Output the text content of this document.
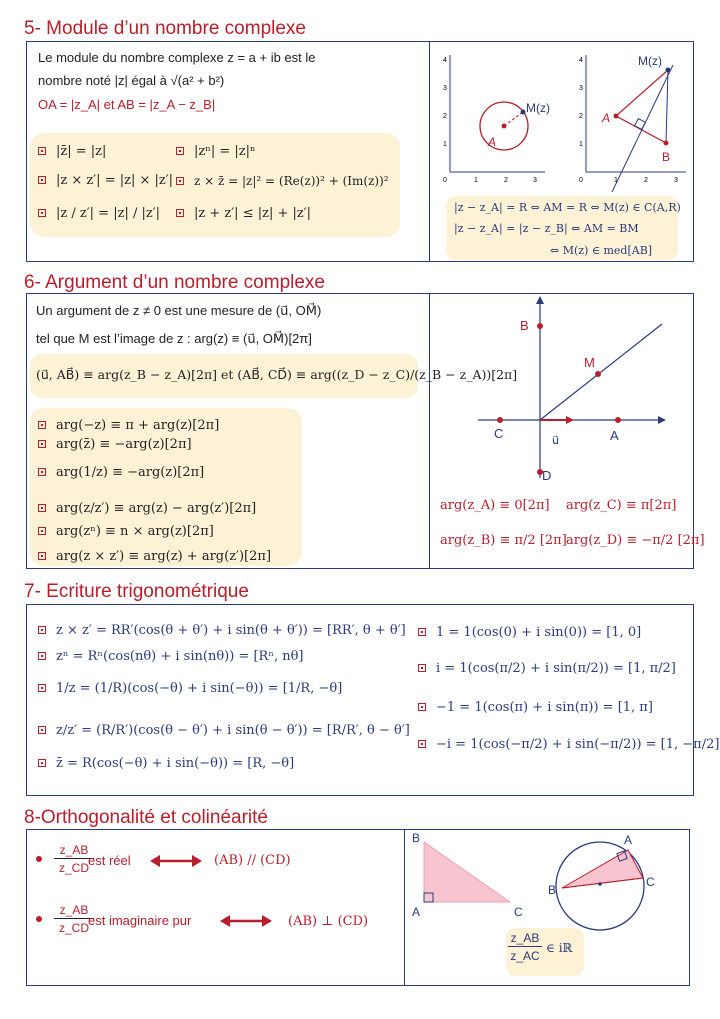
5- Module d’un nombre complexe
Le module du nombre complexe z = a + ib est le
nombre noté |z| égal à √(a² + b²)
OA = |z_A| et AB = |z_A − z_B|
|z̄| = |z|
|z × z′| = |z| × |z′|
|z / z′| = |z| / |z′|
|zⁿ| = |z|ⁿ
z × z̄ = |z|² = (Re(z))² + (Im(z))²
|z + z′| ≤ |z| + |z′|
M(z)
A
0	1	2	3
1
2
3
4	M(z)
A
B
0	1	2	3
1
2
3
4
|z − z_A| = R ⇔ AM = R ⇔ M(z) ∈ C(A,R)
|z − z_A| = |z − z_B| ⇔ AM = BM
⇔ M(z) ∈ med[AB]
6- Argument d’un nombre complexe
Un argument de z ≠ 0 est une mesure de (u⃗, OM⃗)
tel que M est l’image de z : arg(z) ≡ (u⃗, OM⃗)[2π]
(u⃗, AB⃗) ≡ arg(z_B − z_A)[2π] et (AB⃗, CD⃗) ≡ arg((z_D − z_C)/(z_B − z_A))[2π]
arg(−z) ≡ π + arg(z)[2π]
arg(z̄) ≡ −arg(z)[2π]
arg(1/z) ≡ −arg(z)[2π]
arg(z/z′) ≡ arg(z) − arg(z′)[2π]
arg(zⁿ) ≡ n × arg(z)[2π]
arg(z × z′) ≡ arg(z) + arg(z′)[2π]
B
M
C	A
D
u⃗
arg(z_A) ≡ 0[2π] arg(z_C) ≡ π[2π]
arg(z_B) ≡ π/2 [2π] arg(z_D) ≡ −π/2 [2π]
7- Ecriture trigonométrique
z × z′ = RR′(cos(θ + θ′) + i sin(θ + θ′)) = [RR′, θ + θ′]
zⁿ = Rⁿ(cos(nθ) + i sin(nθ)) = [Rⁿ, nθ]
1/z = (1/R)(cos(−θ) + i sin(−θ)) = [1/R, −θ]
z/z′ = (R/R′)(cos(θ − θ′) + i sin(θ − θ′)) = [R/R′, θ − θ′]
z̄ = R(cos(−θ) + i sin(−θ)) = [R, −θ]
1 = 1(cos(0) + i sin(0)) = [1, 0]
i = 1(cos(π/2) + i sin(π/2)) = [1, π/2]
−1 = 1(cos(π) + i sin(π)) = [1, π]
−i = 1(cos(−π/2) + i sin(−π/2)) = [1, −π/2]
8-Orthogonalité et colinéarité
z_AB
z_CD est réel	(AB) // (CD)
z_AB
z_CD est imaginaire pur	(AB) ⊥ (CD)
B
A	C
A
C
B
z_AB
z_AC
∈ iℝ
